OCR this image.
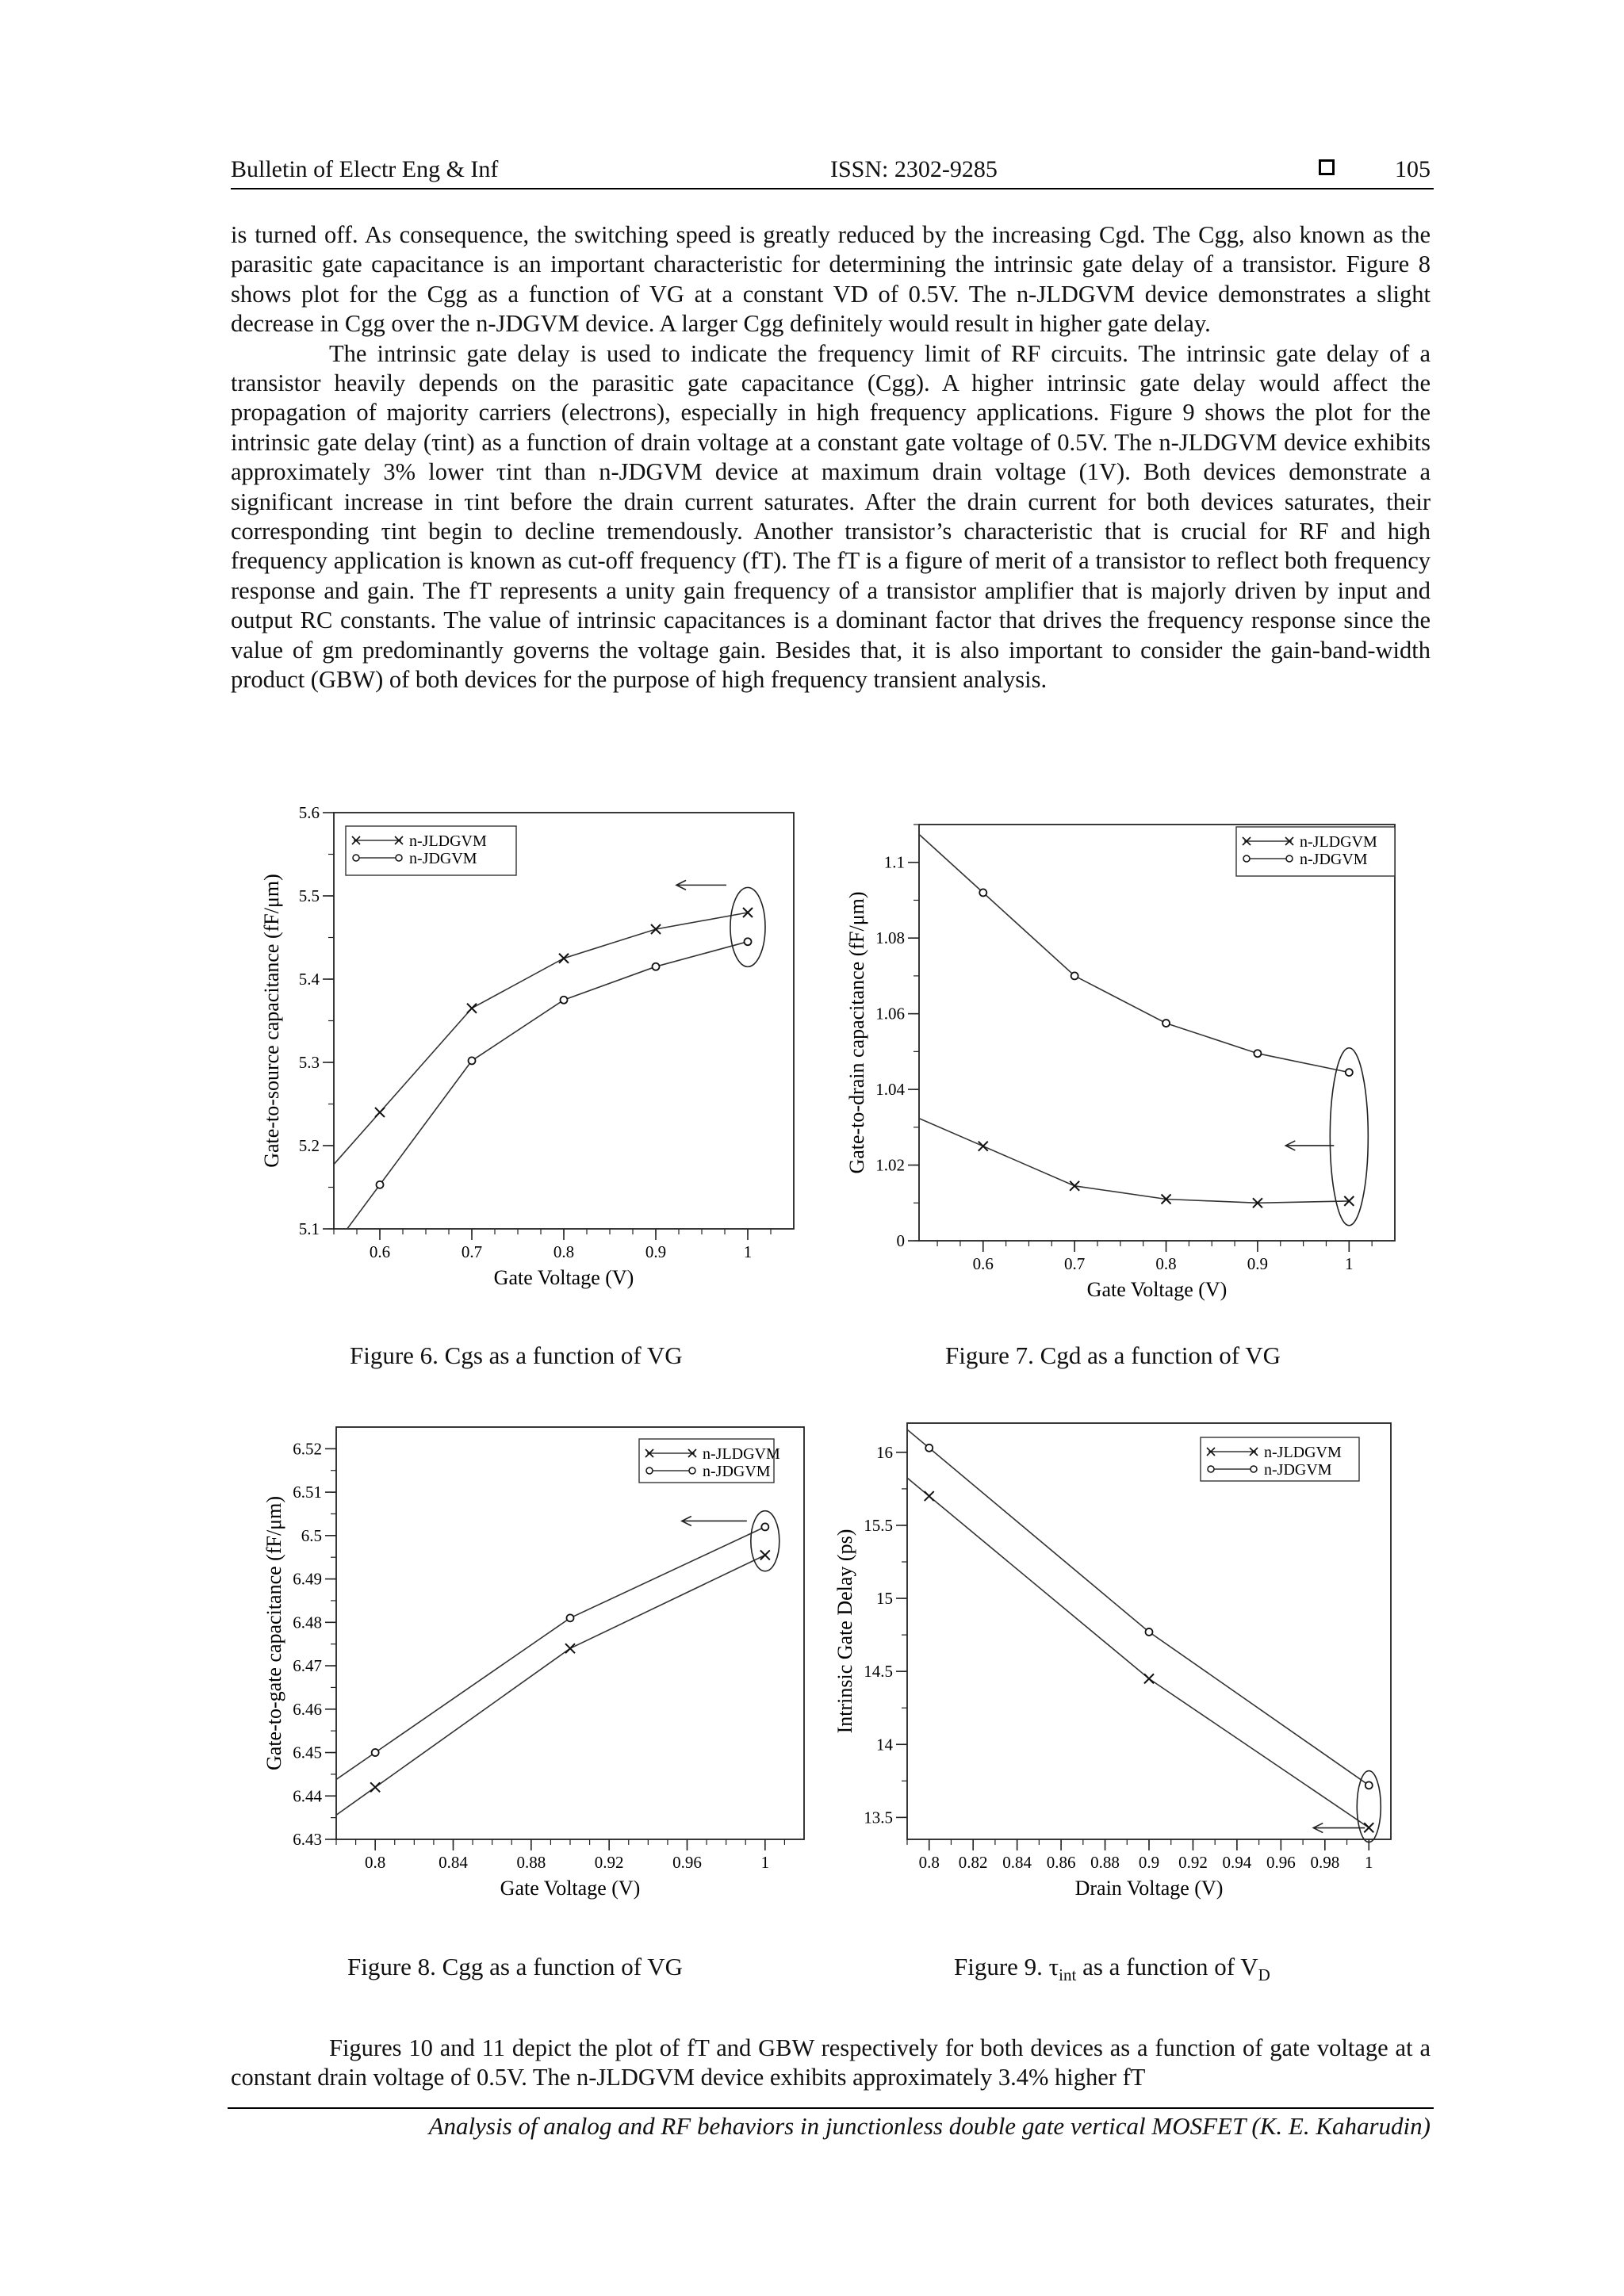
Bulletin of Electr Eng & Inf	ISSN: 2302-9285	105

is turned off. As consequence, the switching speed is greatly reduced by the increasing Cgd. The Cgg, also known as the parasitic gate capacitance is an important characteristic for determining the intrinsic gate delay of a transistor. Figure 8 shows plot for the Cgg as a function of VG at a constant VD of 0.5V. The n-JLDGVM device demonstrates a slight decrease in Cgg over the n-JDGVM device. A larger Cgg definitely would result in higher gate delay.

The intrinsic gate delay is used to indicate the frequency limit of RF circuits. The intrinsic gate delay of a transistor heavily depends on the parasitic gate capacitance (Cgg). A higher intrinsic gate delay would affect the propagation of majority carriers (electrons), especially in high frequency applications. Figure 9 shows the plot for the intrinsic gate delay (τint) as a function of drain voltage at a constant gate voltage of 0.5V. The n-JLDGVM device exhibits approximately 3% lower τint than n-JDGVM device at maximum drain voltage (1V). Both devices demonstrate a significant increase in τint before the drain current saturates. After the drain current for both devices saturates, their corresponding τint begin to decline tremendously. Another transistor’s characteristic that is crucial for RF and high frequency application is known as cut-off frequency (fT). The fT is a figure of merit of a transistor to reflect both frequency response and gain. The fT represents a unity gain frequency of a transistor amplifier that is majorly driven by input and output RC constants. The value of intrinsic capacitances is a dominant factor that drives the frequency response since the value of gm predominantly governs the voltage gain. Besides that, it is also important to consider the gain-band-width product (GBW) of both devices for the purpose of high frequency transient analysis.

5.1
5.2
5.3
5.4
5.5
5.6
0.6	0.7	0.8	0.9	1
Gate Voltage (V)
Gate-to-source capacitance (fF/μm)
n-JLDGVM
n-JDGVM
0
1.02
1.04
1.06
1.08
1.1
0.6	0.7	0.8	0.9	1
Gate Voltage (V)
Gate-to-drain capacitance (fF/μm)
n-JLDGVM
n-JDGVM
6.43
6.44
6.45
6.46
6.47
6.48
6.49
6.5
6.51
6.52
0.8	0.84	0.88	0.92	0.96	1
Gate Voltage (V)
Gate-to-gate capacitance (fF/μm)
n-JLDGVM
n-JDGVM
13.5
14
14.5
15
15.5
16
0.8 0.82 0.84 0.86 0.88 0.9 0.92 0.94 0.96 0.98 1
Drain Voltage (V)
Intrinsic Gate Delay (ps)
n-JLDGVM
n-JDGVM
Figure 6. Cgs as a function of VG	Figure 7. Cgd as a function of VG
Figure 8. Cgg as a function of VG	Figure 9. $\tau_{int}$ as a function of $V_D$

Figures 10 and 11 depict the plot of fT and GBW respectively for both devices as a function of gate voltage at a constant drain voltage of 0.5V. The n-JLDGVM device exhibits approximately 3.4% higher fT

Analysis of analog and RF behaviors in junctionless double gate vertical MOSFET (K. E. Kaharudin)
